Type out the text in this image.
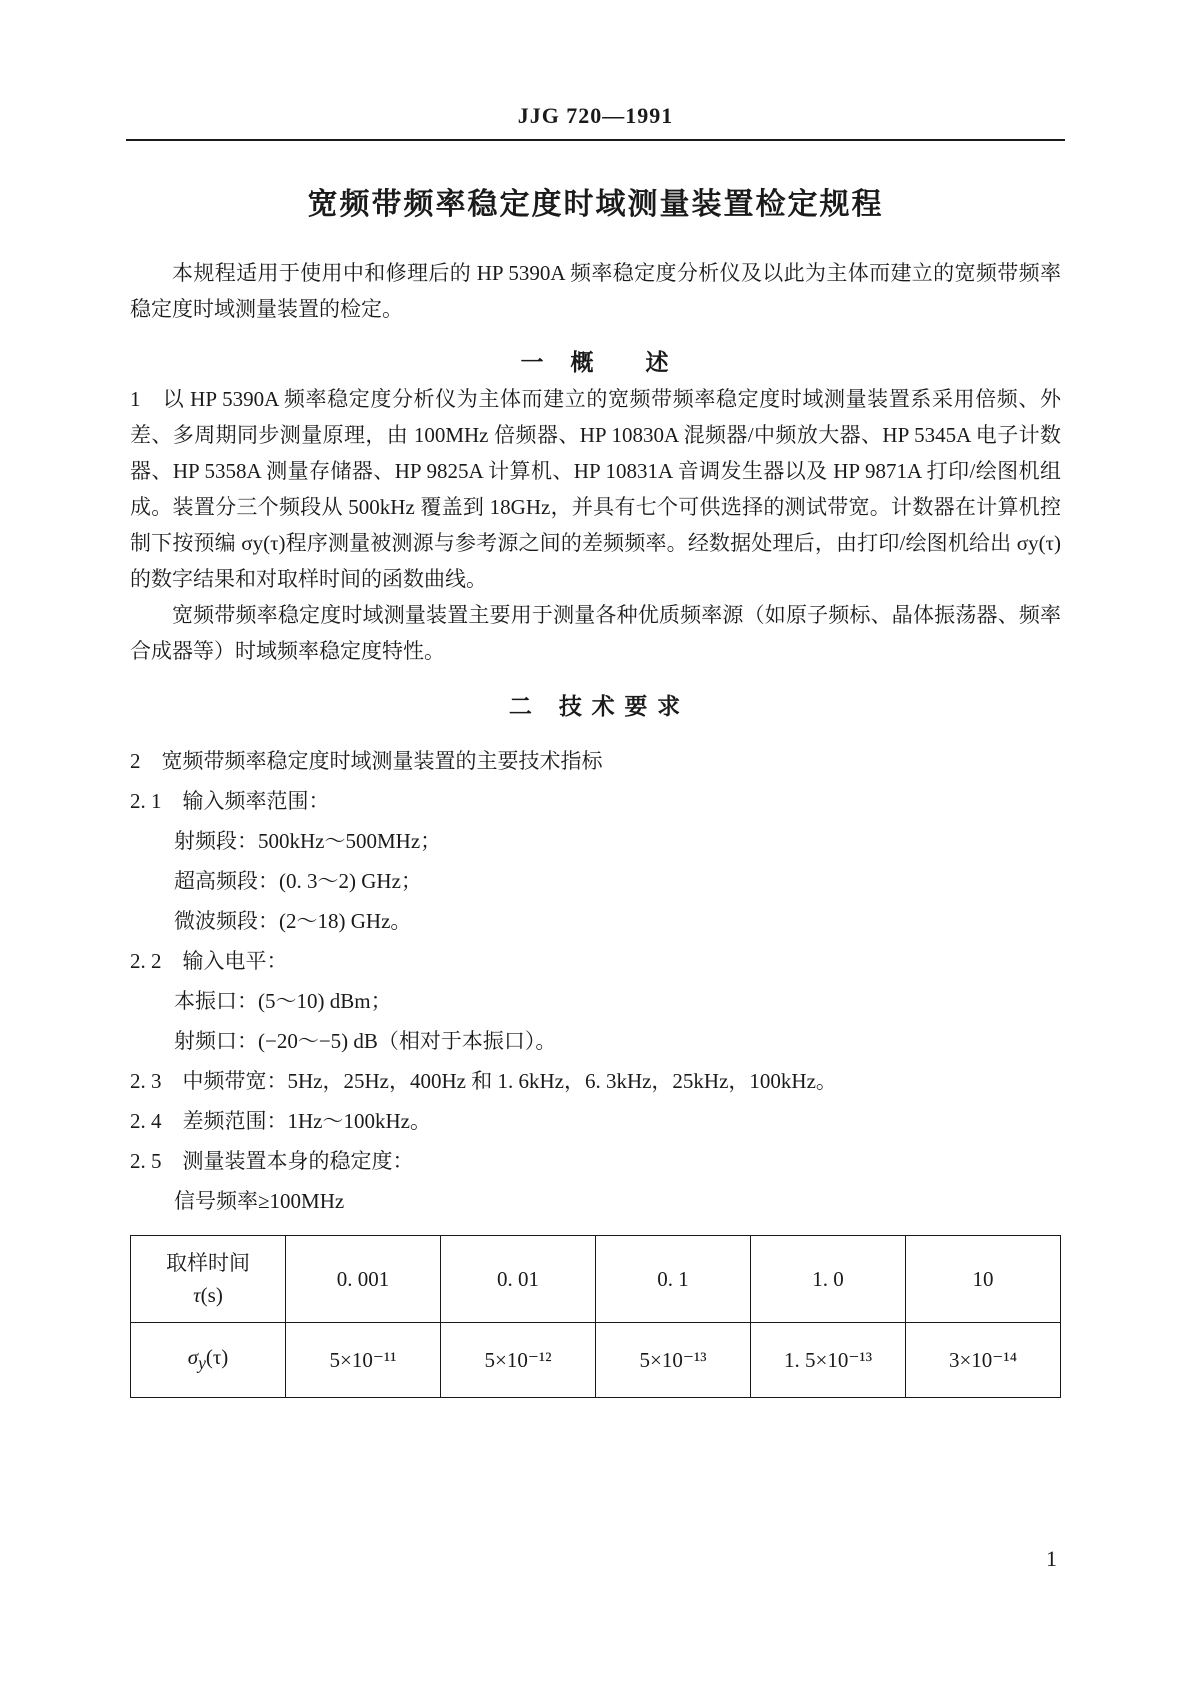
JJG 720—1991
宽频带频率稳定度时域测量装置检定规程

本规程适用于使用中和修理后的 HP 5390A 频率稳定度分析仪及以此为主体而建立的宽频带频率稳定度时域测量装置的检定。

一　概　　述

1　以 HP 5390A 频率稳定度分析仪为主体而建立的宽频带频率稳定度时域测量装置系采用倍频、外差、多周期同步测量原理，由 100MHz 倍频器、HP 10830A 混频器/中频放大器、HP 5345A 电子计数器、HP 5358A 测量存储器、HP 9825A 计算机、HP 10831A 音调发生器以及 HP 9871A 打印/绘图机组成。装置分三个频段从 500kHz 覆盖到 18GHz，并具有七个可供选择的测试带宽。计数器在计算机控制下按预编 σy(τ)程序测量被测源与参考源之间的差频频率。经数据处理后，由打印/绘图机给出 σy(τ)的数字结果和对取样时间的函数曲线。

宽频带频率稳定度时域测量装置主要用于测量各种优质频率源（如原子频标、晶体振荡器、频率合成器等）时域频率稳定度特性。

二　技 术 要 求

2　宽频带频率稳定度时域测量装置的主要技术指标

2. 1　输入频率范围：

射频段：500kHz～500MHz；

超高频段：(0. 3～2) GHz；

微波频段：(2～18) GHz。

2. 2　输入电平：

本振口：(5～10) dBm；

射频口：(−20～−5) dB（相对于本振口）。

2. 3　中频带宽：5Hz，25Hz，400Hz 和 1. 6kHz，6. 3kHz，25kHz，100kHz。

2. 4　差频范围：1Hz～100kHz。

2. 5　测量装置本身的稳定度：

信号频率≥100MHz

取样时间
τ(s)	0. 001	0. 01	0. 1	1. 0	10
$\sigma_y(\tau)$	5×10⁻¹¹	5×10⁻¹²	5×10⁻¹³	1. 5×10⁻¹³	3×10⁻¹⁴
1
